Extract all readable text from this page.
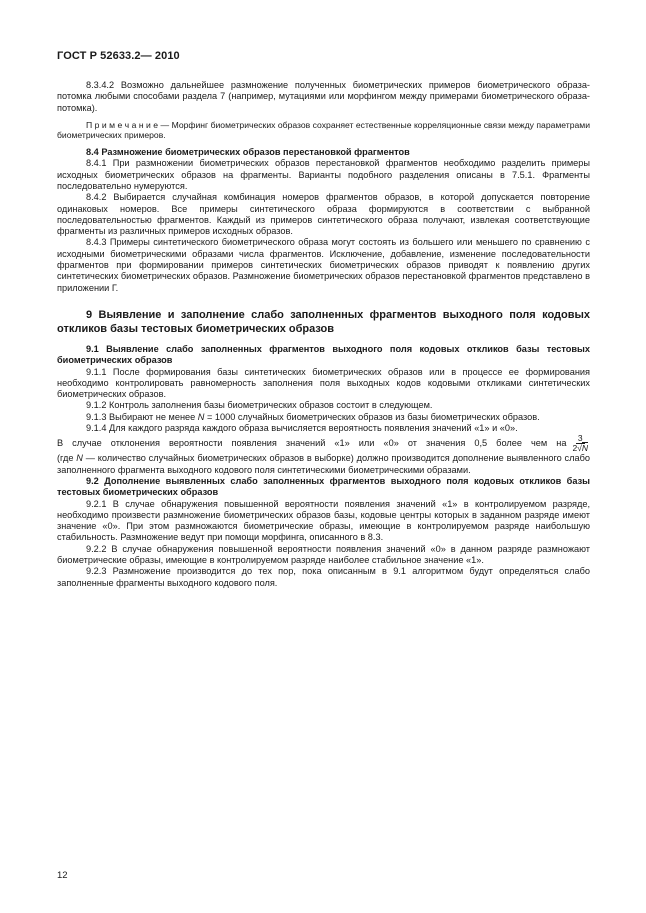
ГОСТ Р 52633.2— 2010

8.3.4.2 Возможно дальнейшее размножение полученных биометрических примеров биометрического образа-потомка любыми способами раздела 7 (например, мутациями или морфингом между примерами биометрического образа-потомка).

П р и м е ч а н и е — Морфинг биометрических образов сохраняет естественные корреляционные связи между параметрами биометрических примеров.

8.4 Размножение биометрических образов перестановкой фрагментов

8.4.1 При размножении биометрических образов перестановкой фрагментов необходимо разделить примеры исходных биометрических образов на фрагменты. Варианты подобного разделения описаны в 7.5.1. Фрагменты последовательно нумеруются.

8.4.2 Выбирается случайная комбинация номеров фрагментов образов, в которой допускается повторение одинаковых номеров. Все примеры синтетического образа формируются в соответствии с выбранной последовательностью фрагментов. Каждый из примеров синтетического образа получают, извлекая соответствующие фрагменты из различных примеров исходных образов.

8.4.3 Примеры синтетического биометрического образа могут состоять из большего или меньшего по сравнению с исходными биометрическими образами числа фрагментов. Исключение, добавление, изменение последовательности фрагментов при формировании примеров синтетических биометрических образов приводят к появлению других синтетических биометрических образов. Размножение биометрических образов перестановкой фрагментов представлено в приложении Г.

9 Выявление и заполнение слабо заполненных фрагментов выходного поля кодовых откликов базы тестовых биометрических образов

9.1 Выявление слабо заполненных фрагментов выходного поля кодовых откликов базы тестовых биометрических образов

9.1.1 После формирования базы синтетических биометрических образов или в процессе ее формирования необходимо контролировать равномерность заполнения поля выходных кодов кодовыми откликами синтетических биометрических образов.

9.1.2 Контроль заполнения базы биометрических образов состоит в следующем.

9.1.3 Выбирают не менее N = 1000 случайных биометрических образов из базы биометрических образов.

9.1.4 Для каждого разряда каждого образа вычисляется вероятность появления значений «1» и «0».

В случае отклонения вероятности появления значений «1» или «0» от значения 0,5 более чем на $\frac{3}{2√N}$

(где N — количество случайных биометрических образов в выборке) должно производится дополнение выявленного слабо заполненного фрагмента выходного кодового поля синтетическими биометрическими образами.

9.2 Дополнение выявленных слабо заполненных фрагментов выходного поля кодовых откликов базы тестовых биометрических образов

9.2.1 В случае обнаружения повышенной вероятности появления значений «1» в контролируемом разряде, необходимо произвести размножение биометрических образов базы, кодовые центры которых в заданном разряде имеют значение «0». При этом размножаются биометрические образы, имеющие в контролируемом разряде наибольшую стабильность. Размножение ведут при помощи морфинга, описанного в 8.3.

9.2.2 В случае обнаружения повышенной вероятности появления значений «0» в данном разряде размножают биометрические образы, имеющие в контролируемом разряде наиболее стабильное значение «1».

9.2.3 Размножение производится до тех пор, пока описанным в 9.1 алгоритмом будут определяться слабо заполненные фрагменты выходного кодового поля.

12
